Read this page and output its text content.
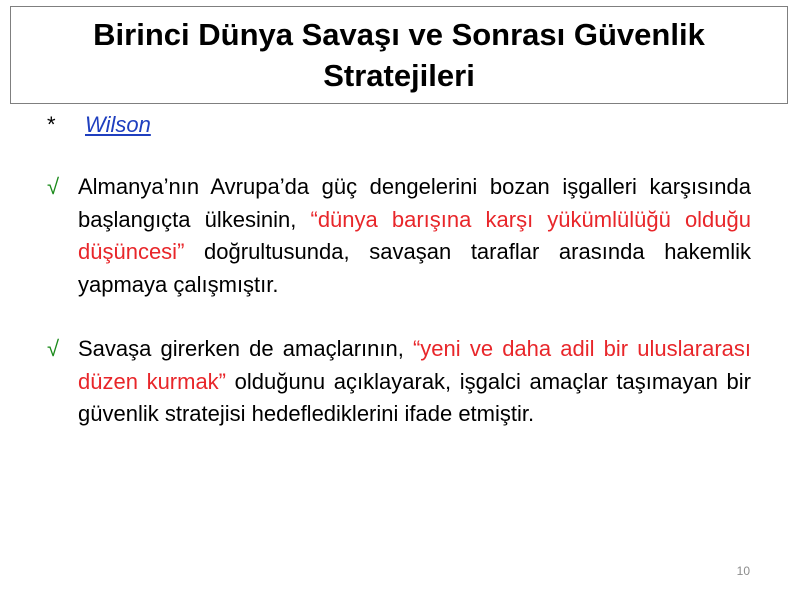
Birinci Dünya Savaşı ve Sonrası Güvenlik Stratejileri
* Wilson
√ Almanya’nın Avrupa’da güç dengelerini bozan işgalleri karşısında başlangıçta ülkesinin, “dünya barışına karşı yükümlülüğü olduğu düşüncesi” doğrultusunda, savaşan taraflar arasında hakemlik yapmaya çalışmıştır.
√ Savaşa girerken de amaçlarının, “yeni ve daha adil bir uluslararası düzen kurmak” olduğunu açıklayarak, işgalci amaçlar taşımayan bir güvenlik stratejisi hedeflediklerini ifade etmiştir.
10
